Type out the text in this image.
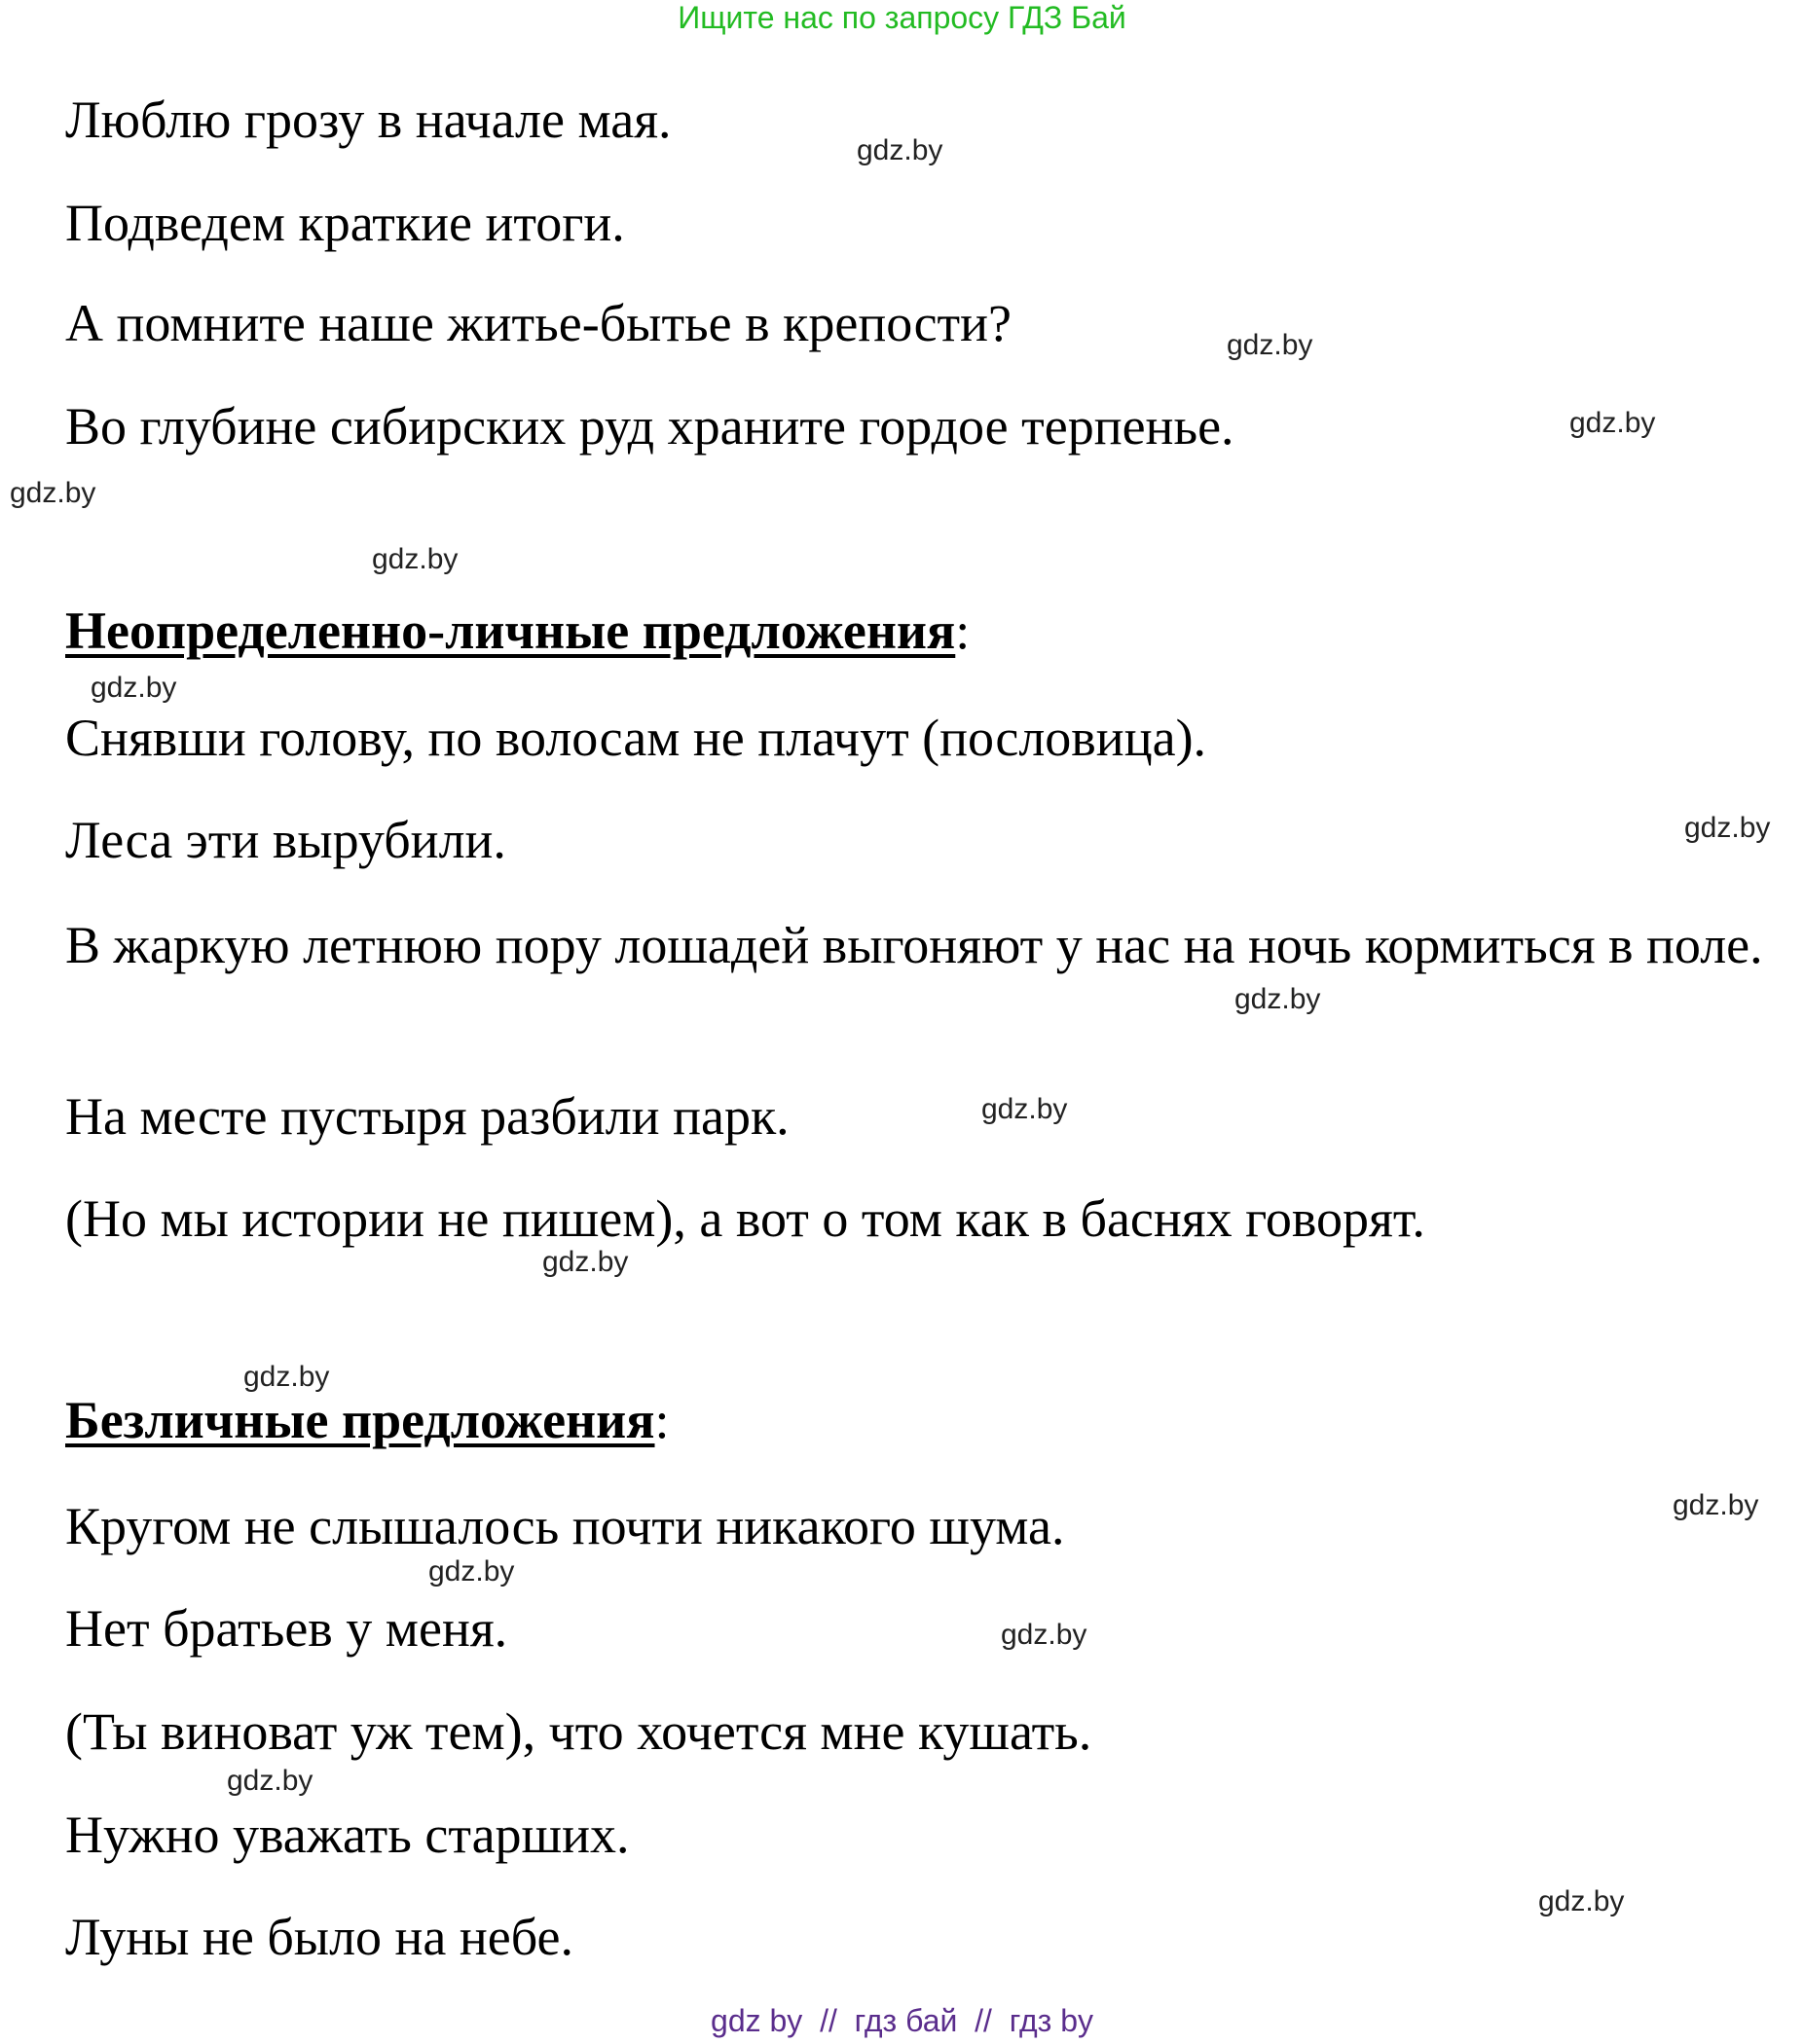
Ищите нас по запросу ГДЗ Бай
Люблю грозу в начале мая.
Подведем краткие итоги.
А помните наше житье-бытье в крепости?
Во глубине сибирских руд храните гордое терпенье.
Неопределенно-личные предложения:
Снявши голову, по волосам не плачут (пословица).
Леса эти вырубили.
В жаркую летнюю пору лошадей выгоняют у нас на ночь кормиться в поле.
На месте пустыря разбили парк.
(Но мы истории не пишем), а вот о том как в баснях говорят.
Безличные предложения:
Кругом не слышалось почти никакого шума.
Нет братьев у меня.
(Ты виноват уж тем), что хочется мне кушать.
Нужно уважать старших.
Луны не было на небе.
gdz.by
gdz.by
gdz.by
gdz.by
gdz.by
gdz.by
gdz.by
gdz.by
gdz.by
gdz.by
gdz.by
gdz.by
gdz.by
gdz.by
gdz.by
gdz.by
gdz by  //  гдз бай  //  гдз by
